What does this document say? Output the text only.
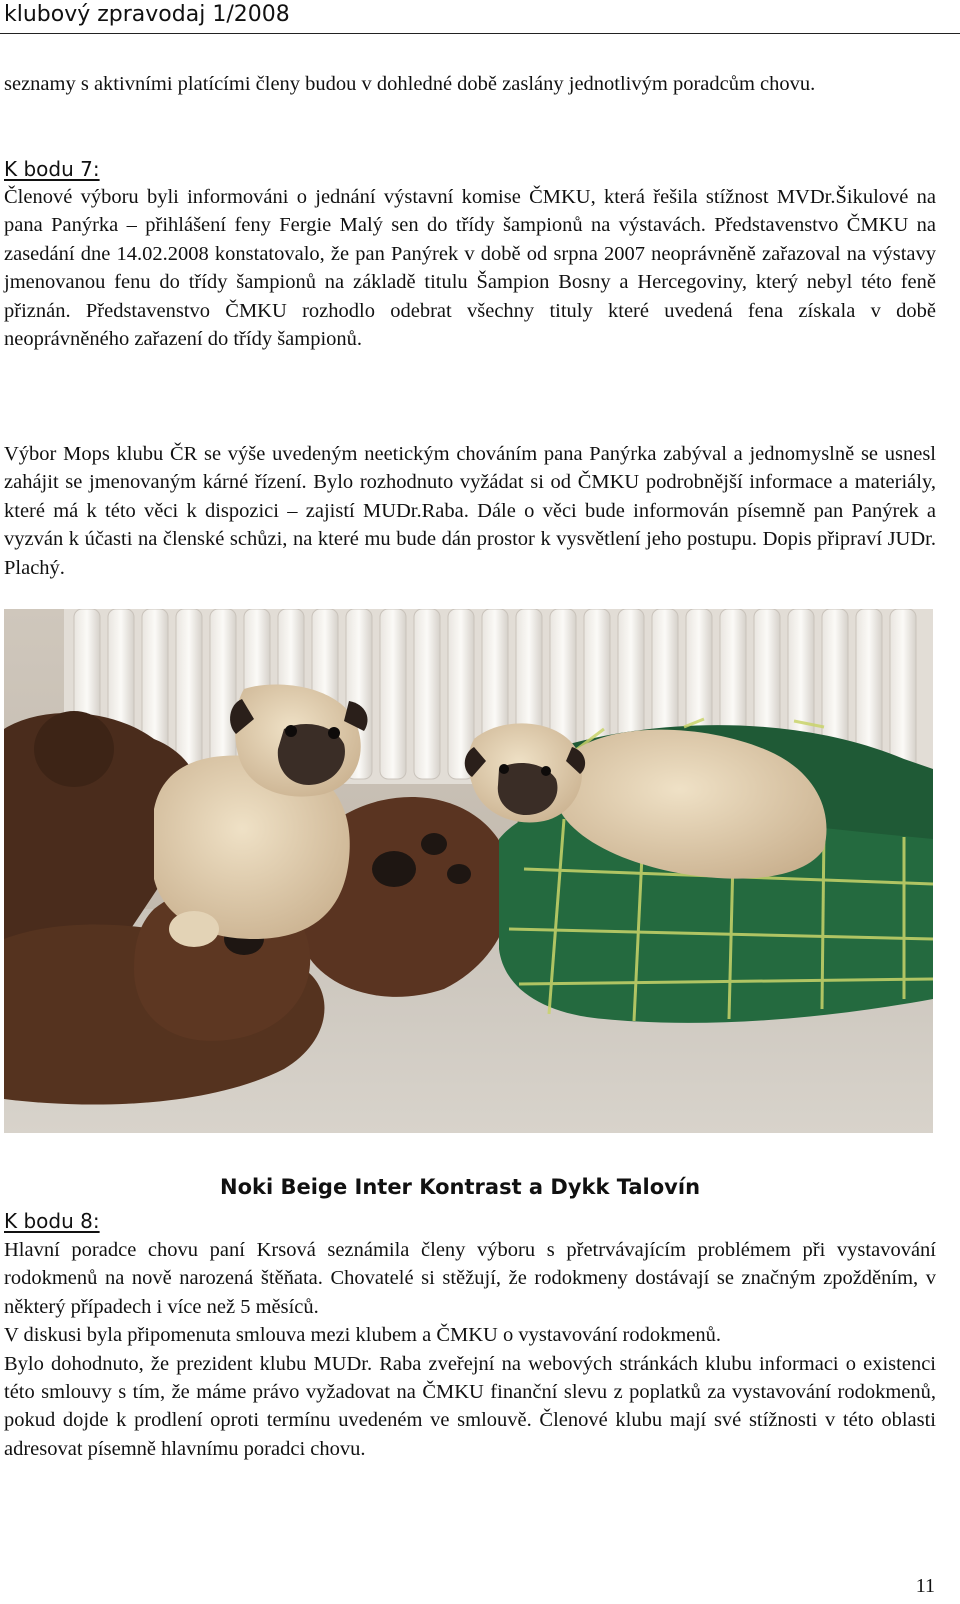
klubový zpravodaj 1/2008

seznamy s aktivními platícími členy budou v dohledné době zaslány jednotlivým poradcům chovu.

K bodu 7:

Členové výboru byli informováni o jednání výstavní komise ČMKU, která řešila stížnost MVDr.Šikulové na pana Panýrka – přihlášení feny Fergie Malý sen do třídy šampionů na výstavách. Představenstvo ČMKU na zasedání dne 14.02.2008 konstatovalo, že pan Panýrek v době od srpna 2007 neoprávněně zařazoval na výstavy jmenovanou fenu do třídy šampionů na základě titulu Šampion Bosny a Hercegoviny, který nebyl této feně přiznán. Představenstvo ČMKU rozhodlo odebrat všechny tituly které uvedená fena získala v době neoprávněného zařazení do třídy šampionů.

Výbor Mops klubu ČR se výše uvedeným neetickým chováním pana Panýrka zabýval a jednomyslně se usnesl zahájit se jmenovaným kárné řízení. Bylo rozhodnuto vyžádat si od ČMKU podrobnější informace a materiály, které má k této věci k dispozici – zajistí MUDr.Raba. Dále o věci bude informován písemně pan Panýrek a vyzván k účasti na členské schůzi, na které mu bude dán prostor k vysvětlení jeho postupu. Dopis připraví JUDr. Plachý.

Noki Beige Inter Kontrast a Dykk Talovín
K bodu 8:
Hlavní poradce chovu paní Krsová seznámila členy výboru s přetrvávajícím problémem při vystavování rodokmenů na nově narozená štěňata. Chovatelé si stěžují, že rodokmeny dostávají se značným zpožděním, v některý případech i více než 5 měsíců.
V diskusi byla připomenuta smlouva mezi klubem a ČMKU o vystavování rodokmenů.
Bylo dohodnuto, že prezident klubu MUDr. Raba zveřejní na webových stránkách klubu informaci o existenci této smlouvy s tím, že máme právo vyžadovat na ČMKU finanční slevu z poplatků za vystavování rodokmenů, pokud dojde k prodlení oproti termínu uvedeném ve smlouvě. Členové klubu mají své stížnosti v této oblasti adresovat písemně hlavnímu poradci chovu.
11
